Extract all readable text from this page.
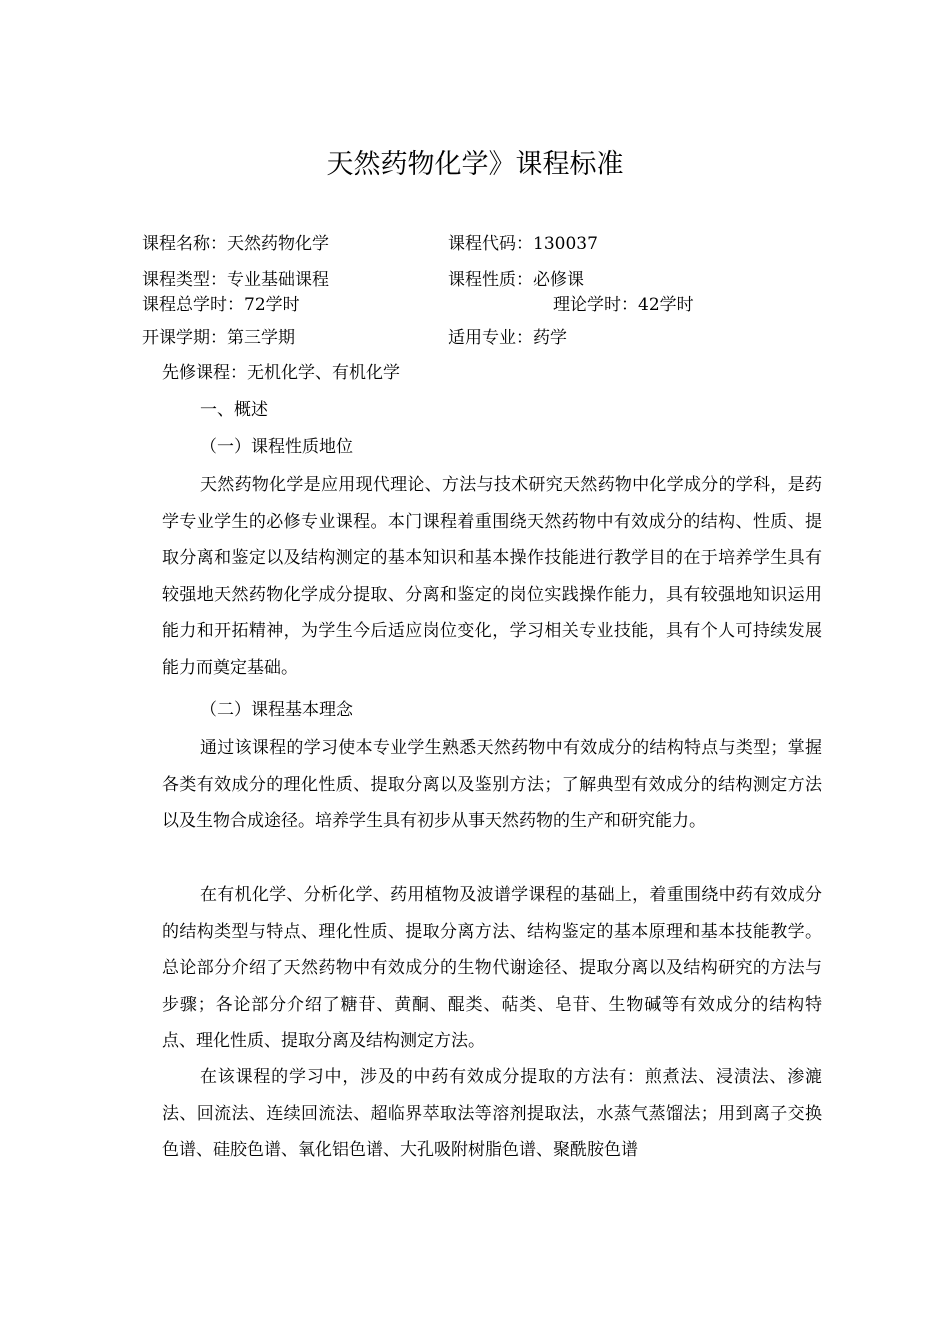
天然药物化学》课程标准
课程名称：天然药物化学	课程代码：130037
课程类型：专业基础课程	课程性质：必修课
课程总学时：72学时	理论学时：42学时
开课学期：第三学期	适用专业：药学
先修课程：无机化学、有机化学
一、概述
（一）课程性质地位

天然药物化学是应用现代理论、方法与技术研究天然药物中化学成分的学科，是药学专业学生的必修专业课程。本门课程着重围绕天然药物中有效成分的结构、性质、提取分离和鉴定以及结构测定的基本知识和基本操作技能进行教学目的在于培养学生具有较强地天然药物化学成分提取、分离和鉴定的岗位实践操作能力，具有较强地知识运用能力和开拓精神，为学生今后适应岗位变化，学习相关专业技能，具有个人可持续发展能力而奠定基础。

（二）课程基本理念

通过该课程的学习使本专业学生熟悉天然药物中有效成分的结构特点与类型；掌握各类有效成分的理化性质、提取分离以及鉴别方法；了解典型有效成分的结构测定方法以及生物合成途径。培养学生具有初步从事天然药物的生产和研究能力。

在有机化学、分析化学、药用植物及波谱学课程的基础上，着重围绕中药有效成分的结构类型与特点、理化性质、提取分离方法、结构鉴定的基本原理和基本技能教学。总论部分介绍了天然药物中有效成分的生物代谢途径、提取分离以及结构研究的方法与步骤；各论部分介绍了糖苷、黄酮、醌类、萜类、皂苷、生物碱等有效成分的结构特点、理化性质、提取分离及结构测定方法。

在该课程的学习中，涉及的中药有效成分提取的方法有：煎煮法、浸渍法、渗漉法、回流法、连续回流法、超临界萃取法等溶剂提取法，水蒸气蒸馏法；用到离子交换色谱、硅胶色谱、氧化铝色谱、大孔吸附树脂色谱、聚酰胺色谱
